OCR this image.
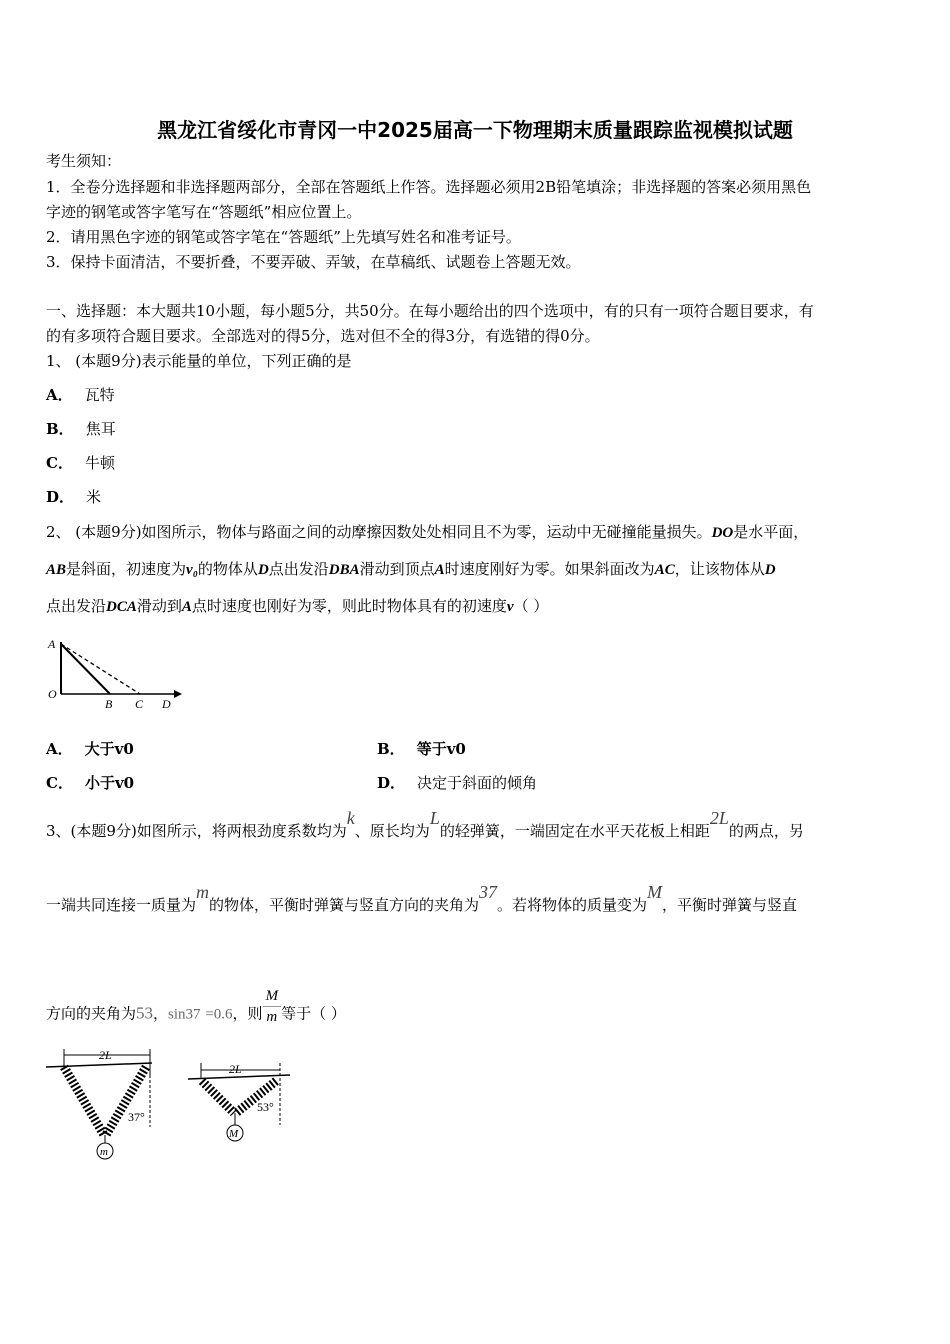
黑龙江省绥化市青冈一中2025届高一下物理期末质量跟踪监视模拟试题
考生须知：
1．全卷分选择题和非选择题两部分，全部在答题纸上作答。选择题必须用2B铅笔填涂；非选择题的答案必须用黑色
字迹的钢笔或答字笔写在“答题纸”相应位置上。
2．请用黑色字迹的钢笔或答字笔在“答题纸”上先填写姓名和准考证号。
3．保持卡面清洁，不要折叠，不要弄破、弄皱，在草稿纸、试题卷上答题无效。
一、选择题：本大题共10小题，每小题5分，共50分。在每小题给出的四个选项中，有的只有一项符合题目要求，有
的有多项符合题目要求。全部选对的得5分，选对但不全的得3分，有选错的得0分。
1、 (本题9分)表示能量的单位，下列正确的是
A． 瓦特
B． 焦耳
C． 牛顿
D． 米
2、 (本题9分)如图所示，物体与路面之间的动摩擦因数处处相同且不为零，运动中无碰撞能量损失。DO是水平面，
AB是斜面，初速度为v₀的物体从D点出发沿DBA滑动到顶点A时速度刚好为零。如果斜面改为AC，让该物体从D
点出发沿DCA滑动到A点时速度也刚好为零，则此时物体具有的初速度v（ ）
A
O
B C D
A． 大于v0	B． 等于v0
C． 小于v0	D． 决定于斜面的倾角
3、(本题9分)如图所示，将两根劲度系数均为k、原长均为L的轻弹簧，一端固定在水平天花板上相距2L的两点，另
一端共同连接一质量为m的物体，平衡时弹簧与竖直方向的夹角为37。若将物体的质量变为M，平衡时弹簧与竖直
方向的夹角为53，sin37 =0.6，则 $\frac{M}{m}$ 等于（ ）
2L
37°
m
2L
53°
M
